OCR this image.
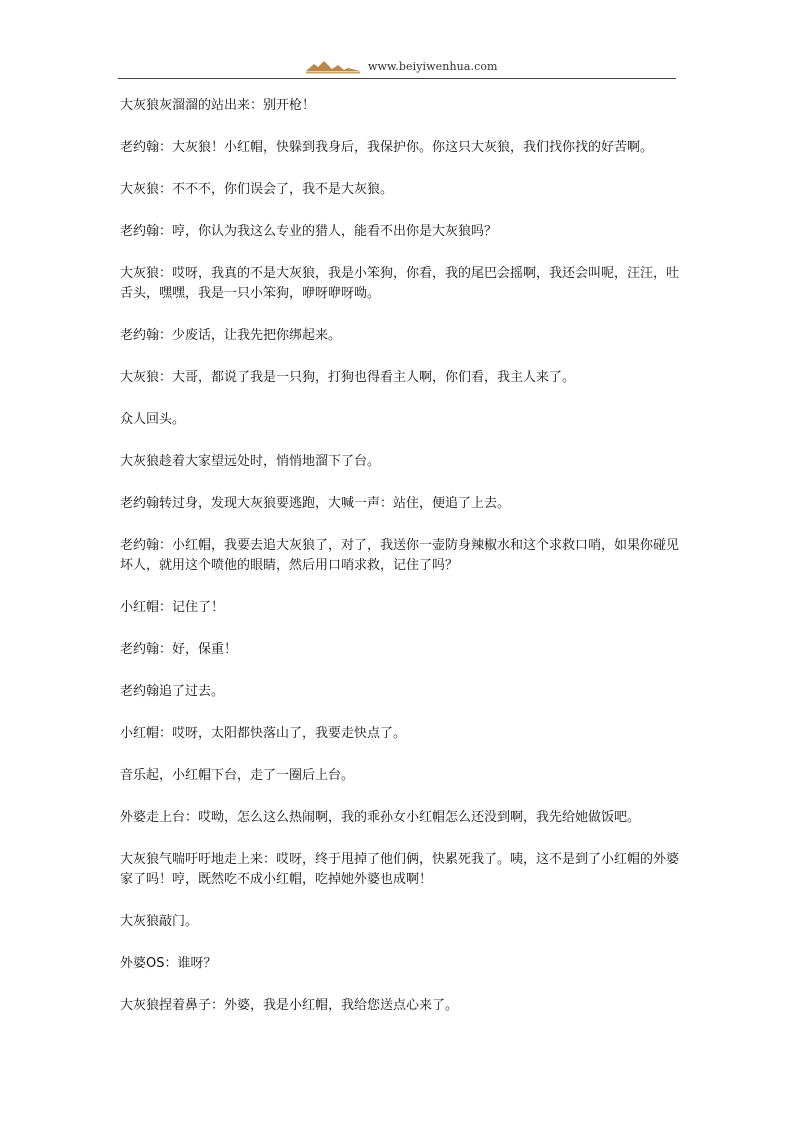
www.beiyiwenhua.com

大灰狼灰溜溜的站出来：别开枪！

老约翰：大灰狼！小红帽，快躲到我身后，我保护你。你这只大灰狼，我们找你找的好苦啊。

大灰狼：不不不，你们误会了，我不是大灰狼。

老约翰：哼，你认为我这么专业的猎人，能看不出你是大灰狼吗？

大灰狼：哎呀，我真的不是大灰狼，我是小笨狗，你看，我的尾巴会摇啊，我还会叫呢，汪汪，吐舌头，嘿嘿，我是一只小笨狗，咿呀咿呀呦。

老约翰：少废话，让我先把你绑起来。

大灰狼：大哥，都说了我是一只狗，打狗也得看主人啊，你们看，我主人来了。

众人回头。

大灰狼趁着大家望远处时，悄悄地溜下了台。

老约翰转过身，发现大灰狼要逃跑，大喊一声：站住，便追了上去。

老约翰：小红帽，我要去追大灰狼了，对了，我送你一壶防身辣椒水和这个求救口哨，如果你碰见坏人，就用这个喷他的眼睛，然后用口哨求救，记住了吗？

小红帽：记住了！

老约翰：好，保重！

老约翰追了过去。

小红帽：哎呀，太阳都快落山了，我要走快点了。

音乐起，小红帽下台，走了一圈后上台。

外婆走上台：哎呦，怎么这么热闹啊，我的乖孙女小红帽怎么还没到啊，我先给她做饭吧。

大灰狼气喘吁吁地走上来：哎呀，终于甩掉了他们俩，快累死我了。咦，这不是到了小红帽的外婆家了吗！哼，既然吃不成小红帽，吃掉她外婆也成啊！

大灰狼敲门。

外婆OS：谁呀？

大灰狼捏着鼻子：外婆，我是小红帽，我给您送点心来了。
